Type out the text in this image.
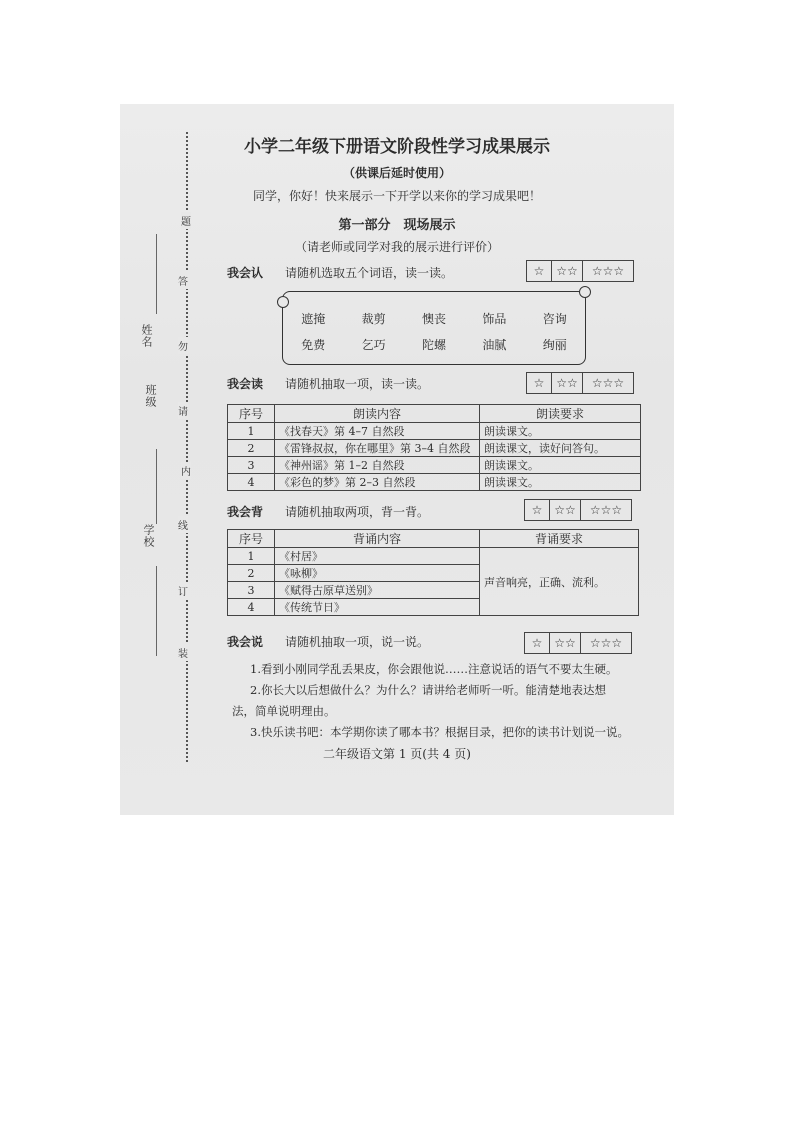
题
答
勿
请
内
线
订
装
姓名
班级
学校
小学二年级下册语文阶段性学习成果展示
（供课后延时使用）
同学，你好！快来展示一下开学以来你的学习成果吧！
第一部分　现场展示
（请老师或同学对我的展示进行评价）
我会认 请随机选取五个词语，读一读。	☆ ☆☆	☆☆☆
遮掩	裁剪	懊丧	饰品	咨询
免费	乞巧	陀螺	油腻	绚丽
我会读 请随机抽取一项，读一读。	☆ ☆☆	☆☆☆
序号	朗读内容	朗读要求
1	《找春天》第 4–7 自然段	朗读课文。
2	《雷锋叔叔，你在哪里》第 3–4 自然段	朗读课文，读好问答句。
3	《神州谣》第 1–2 自然段	朗读课文。
4	《彩色的梦》第 2–3 自然段	朗读课文。
我会背 请随机抽取两项，背一背。	☆ ☆☆	☆☆☆
序号	背诵内容	背诵要求
1	《村居》	声音响亮，正确、流利。
2	《咏柳》	
3	《赋得古原草送别》	
4	《传统节日》	
我会说 请随机抽取一项，说一说。	☆ ☆☆	☆☆☆
1.看到小刚同学乱丢果皮，你会跟他说……注意说话的语气不要太生硬。
2.你长大以后想做什么？为什么？请讲给老师听一听。能清楚地表达想
法，简单说明理由。
3.快乐读书吧：本学期你读了哪本书？根据目录，把你的读书计划说一说。
二年级语文第 1 页(共 4 页)
